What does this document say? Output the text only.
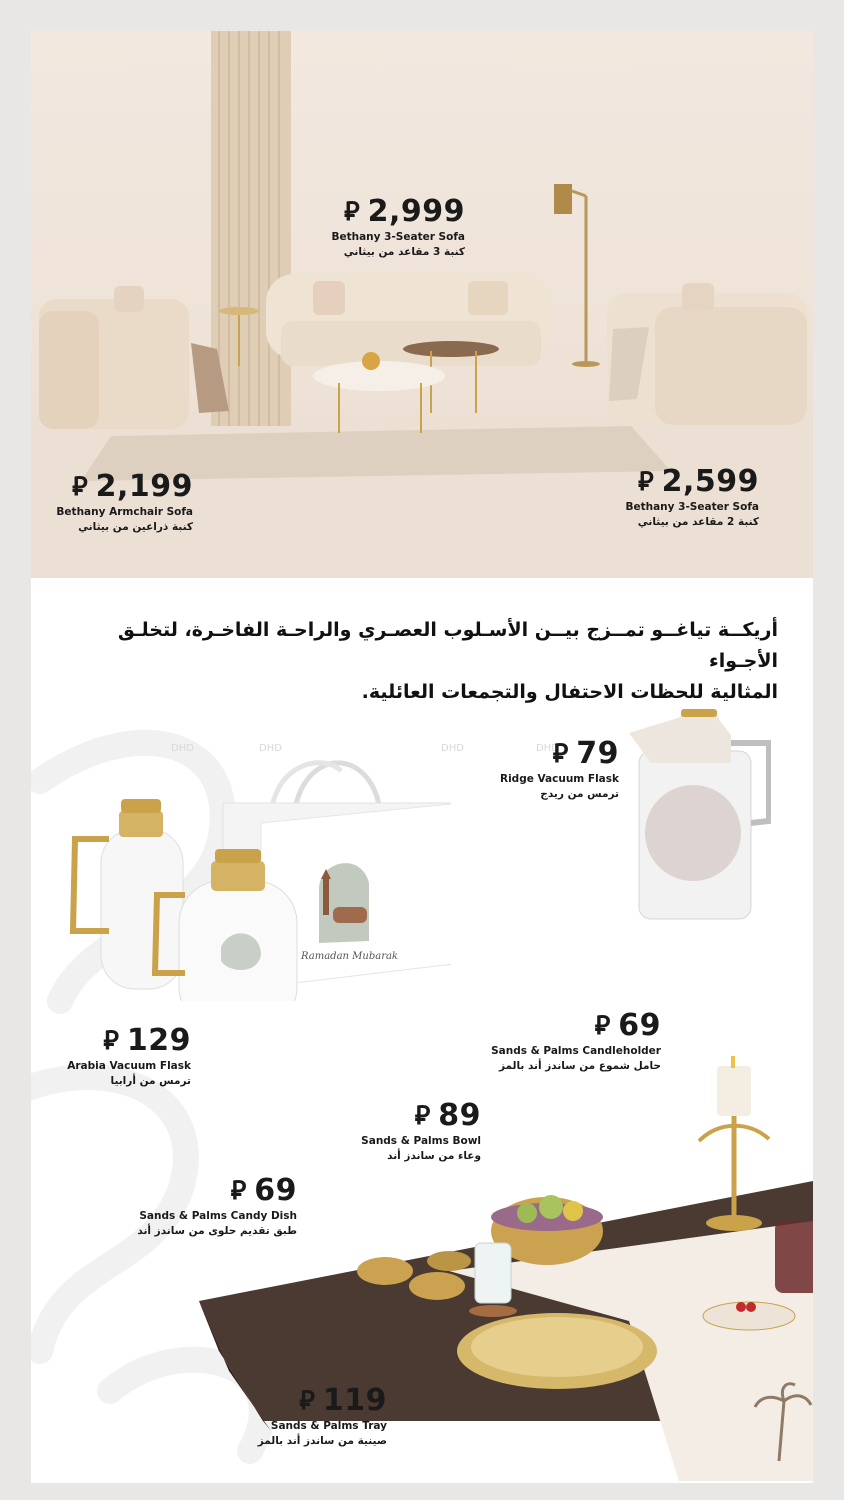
⃁ 2,999
Bethany 3-Seater Sofa
كنبة 3 مقاعد من بيثاني
⃁ 2,199
Bethany Armchair Sofa
كنبة ذراعين من بيثاني
⃁ 2,599
Bethany 3-Seater Sofa
كنبة 2 مقاعد من بيثاني
أريكــة تياغــو تمــزج بيــن الأسـلوب العصـري والراحـة الفاخـرة، لتخلـق الأجـواء
المثالية للحظات الاحتفال والتجمعات العائلية.
DHD	DHD	DHD	DHD
Ramadan Mubarak
⃁ 79
Ridge Vacuum Flask
ترمس من ريدج
⃁ 129
Arabia Vacuum Flask
ترمس من أرابيا
⃁ 69
Sands & Palms Candleholder
حامل شموع من ساندز أند بالمز
⃁ 89
Sands & Palms Bowl
وعاء من ساندز أند
⃁ 69
Sands & Palms Candy Dish
طبق تقديم حلوى من ساندز أند
⃁ 119
Sands & Palms Tray
صينية من ساندز أند بالمز
